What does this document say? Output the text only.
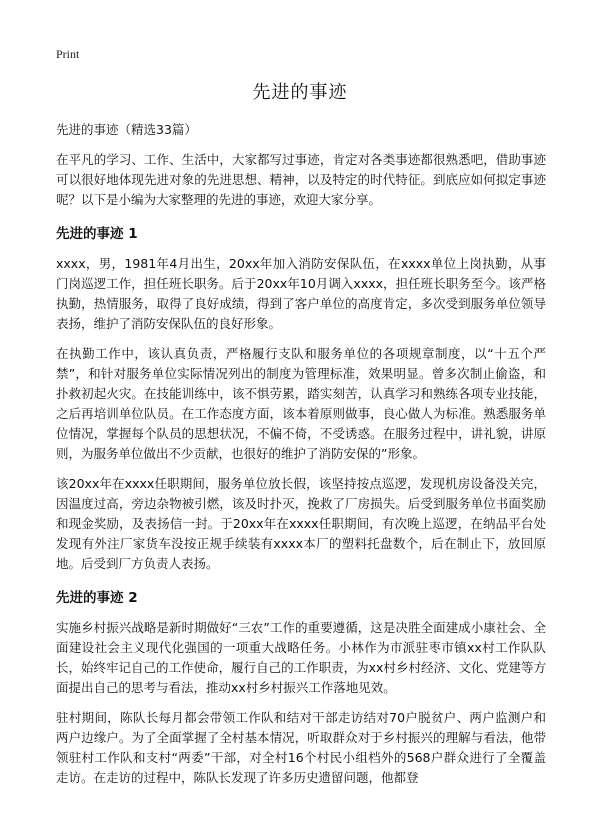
Print
先进的事迹

先进的事迹（精选33篇）

在平凡的学习、工作、生活中，大家都写过事迹，肯定对各类事迹都很熟悉吧，借助事迹可以很好地体现先进对象的先进思想、精神，以及特定的时代特征。到底应如何拟定事迹呢？以下是小编为大家整理的先进的事迹，欢迎大家分享。

先进的事迹 1

xxxx，男，1981年4月出生，20xx年加入消防安保队伍，在xxxx单位上岗执勤，从事门岗巡逻工作，担任班长职务。后于20xx年10月调入xxxx，担任班长职务至今。该严格执勤，热情服务，取得了良好成绩，得到了客户单位的高度肯定，多次受到服务单位领导表扬，维护了消防安保队伍的良好形象。

在执勤工作中，该认真负责，严格履行支队和服务单位的各项规章制度，以“十五个严禁”，和针对服务单位实际情况列出的制度为管理标准，效果明显。曾多次制止偷盗，和扑救初起火灾。在技能训练中，该不惧劳累，踏实刻苦，认真学习和熟练各项专业技能，之后再培训单位队员。在工作态度方面，该本着原则做事，良心做人为标准。熟悉服务单位情况，掌握每个队员的思想状况，不偏不倚，不受诱惑。在服务过程中，讲礼貌，讲原则，为服务单位做出不少贡献，也很好的维护了消防安保的”形象。

该20xx年在xxxx任职期间，服务单位放长假，该坚持按点巡逻，发现机房设备没关完，因温度过高，旁边杂物被引燃，该及时扑灭，挽救了厂房损失。后受到服务单位书面奖励和现金奖励，及表扬信一封。于20xx年在xxxx任职期间，有次晚上巡逻，在纳品平台处发现有外注厂家货车没按正规手续装有xxxx本厂的塑料托盘数个，后在制止下，放回原地。后受到厂方负责人表扬。

先进的事迹 2

实施乡村振兴战略是新时期做好“三农”工作的重要遵循，这是决胜全面建成小康社会、全面建设社会主义现代化强国的一项重大战略任务。小林作为市派驻枣市镇xx村工作队队长，始终牢记自己的工作使命，履行自己的工作职责，为xx村乡村经济、文化、党建等方面提出自己的思考与看法，推动xx村乡村振兴工作落地见效。

驻村期间，陈队长每月都会带领工作队和结对干部走访结对70户脱贫户、两户监测户和两户边缘户。为了全面掌握了全村基本情况，听取群众对于乡村振兴的理解与看法，他带领驻村工作队和支村“两委”干部，对全村16个村民小组档外的568户群众进行了全覆盖走访。在走访的过程中，陈队长发现了许多历史遗留问题，他都登
